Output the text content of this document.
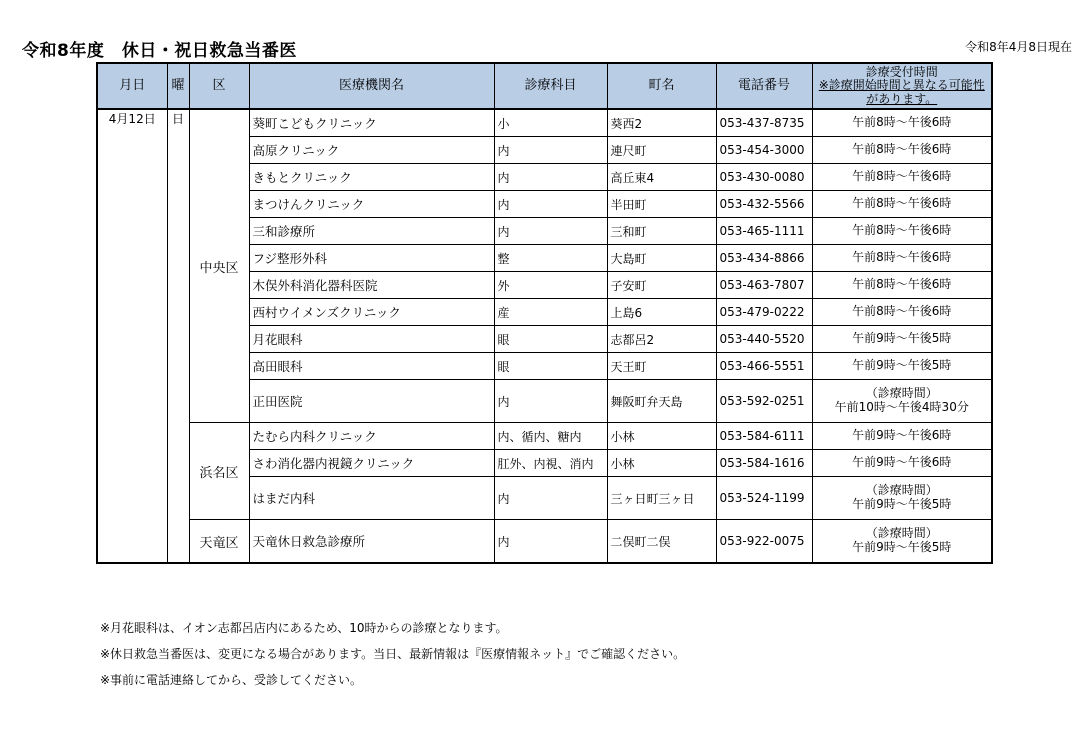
令和8年度　休日・祝日救急当番医	令和8年4月8日現在
月日	曜	区	医療機関名	診療科目	町名	電話番号	診療受付時間
※診療開始時間と異なる可能性があります。

4月12日	日	中央区	葵町こどもクリニック	小	葵西2	053-437-8735	午前8時～午後6時

			高原クリニック	内	連尺町	053-454-3000	午前8時～午後6時

			きもとクリニック	内	高丘東4	053-430-0080	午前8時～午後6時

			まつけんクリニック	内	半田町	053-432-5566	午前8時～午後6時

			三和診療所	内	三和町	053-465-1111	午前8時～午後6時

			フジ整形外科	整	大島町	053-434-8866	午前8時～午後6時

			木俣外科消化器科医院	外	子安町	053-463-7807	午前8時～午後6時

			西村ウイメンズクリニック	産	上島6	053-479-0222	午前8時～午後6時

			月花眼科	眼	志都呂2	053-440-5520	午前9時～午後5時

			高田眼科	眼	天王町	053-466-5551	午前9時～午後5時

			正田医院	内	舞阪町弁天島	053-592-0251	（診療時間）
午前10時～午後4時30分

		浜名区	たむら内科クリニック	内、循内、糖内	小林	053-584-6111	午前9時～午後6時

			さわ消化器内視鏡クリニック	肛外、内視、消内	小林	053-584-1616	午前9時～午後6時

			はまだ内科	内	三ヶ日町三ヶ日	053-524-1199	（診療時間）
午前9時～午後5時

		天竜区	天竜休日救急診療所	内	二俣町二俣	053-922-0075	（診療時間）
午前9時～午後5時

※月花眼科は、イオン志都呂店内にあるため、10時からの診療となります。

※休日救急当番医は、変更になる場合があります。当日、最新情報は『医療情報ネット』でご確認ください。

※事前に電話連絡してから、受診してください。
